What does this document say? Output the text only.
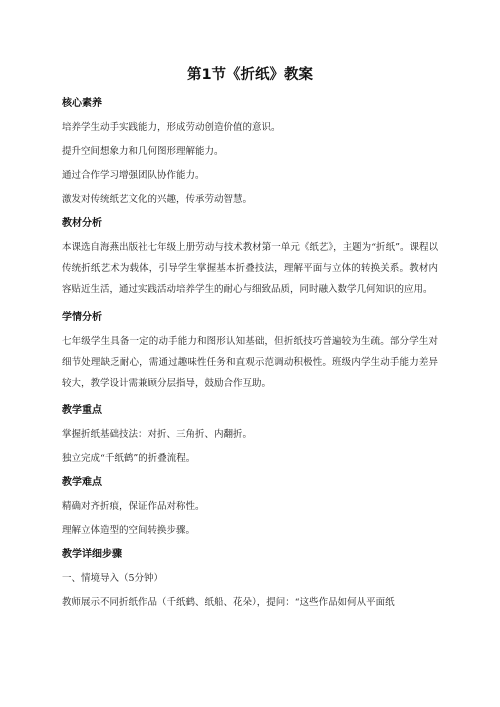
第1节《折纸》教案
核心素养
培养学生动手实践能力，形成劳动创造价值的意识。
提升空间想象力和几何图形理解能力。
通过合作学习增强团队协作能力。
激发对传统纸艺文化的兴趣，传承劳动智慧。
教材分析
本课选自海燕出版社七年级上册劳动与技术教材第一单元《纸艺》，主题为“折纸”。课程以传统折纸艺术为载体，引导学生掌握基本折叠技法，理解平面与立体的转换关系。教材内容贴近生活，通过实践活动培养学生的耐心与细致品质，同时融入数学几何知识的应用。
学情分析
七年级学生具备一定的动手能力和图形认知基础，但折纸技巧普遍较为生疏。部分学生对细节处理缺乏耐心，需通过趣味性任务和直观示范调动积极性。班级内学生动手能力差异较大，教学设计需兼顾分层指导，鼓励合作互助。
教学重点
掌握折纸基础技法：对折、三角折、内翻折。
独立完成“千纸鹤”的折叠流程。
教学难点
精确对齐折痕，保证作品对称性。
理解立体造型的空间转换步骤。
教学详细步骤
一、情境导入（5分钟）
教师展示不同折纸作品（千纸鹤、纸船、花朵），提问：“这些作品如何从平面纸
